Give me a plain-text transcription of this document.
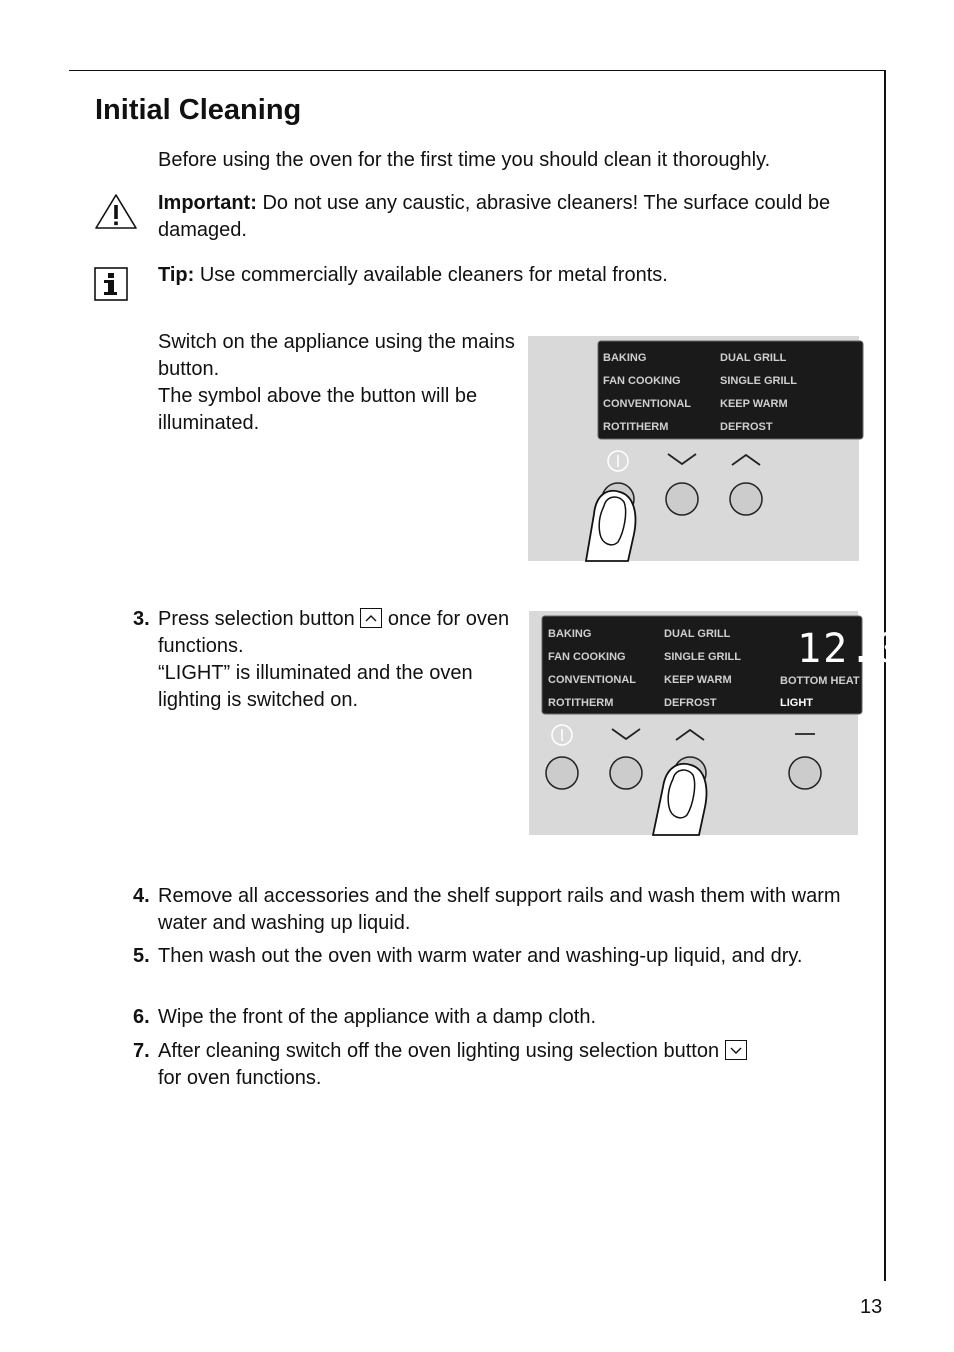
Initial Cleaning
Before using the oven for the first time you should clean it thoroughly.
Important: Do not use any caustic, abrasive cleaners! The surface could be damaged.
Tip: Use commercially available cleaners for metal fronts.
Switch on the appliance using the mains button.
The symbol above the button will be illuminated.
BAKING
FAN COOKING
CONVENTIONAL
ROTITHERM
DUAL GRILL
SINGLE GRILL
KEEP WARM
DEFROST
3. Press selection button
once for oven functions.
“LIGHT” is illuminated and the oven lighting is switched on.
BAKING
FAN COOKING
CONVENTIONAL
ROTITHERM
DUAL GRILL
SINGLE GRILL
KEEP WARM
DEFROST
BOTTOM HEAT
LIGHT
12.0
4. Remove all accessories and the shelf support rails and wash them with warm water and washing up liquid.
5. Then wash out the oven with warm water and washing-up liquid, and dry.
6. Wipe the front of the appliance with a damp cloth.
7. After cleaning switch off the oven lighting using selection button

for oven functions.
13
